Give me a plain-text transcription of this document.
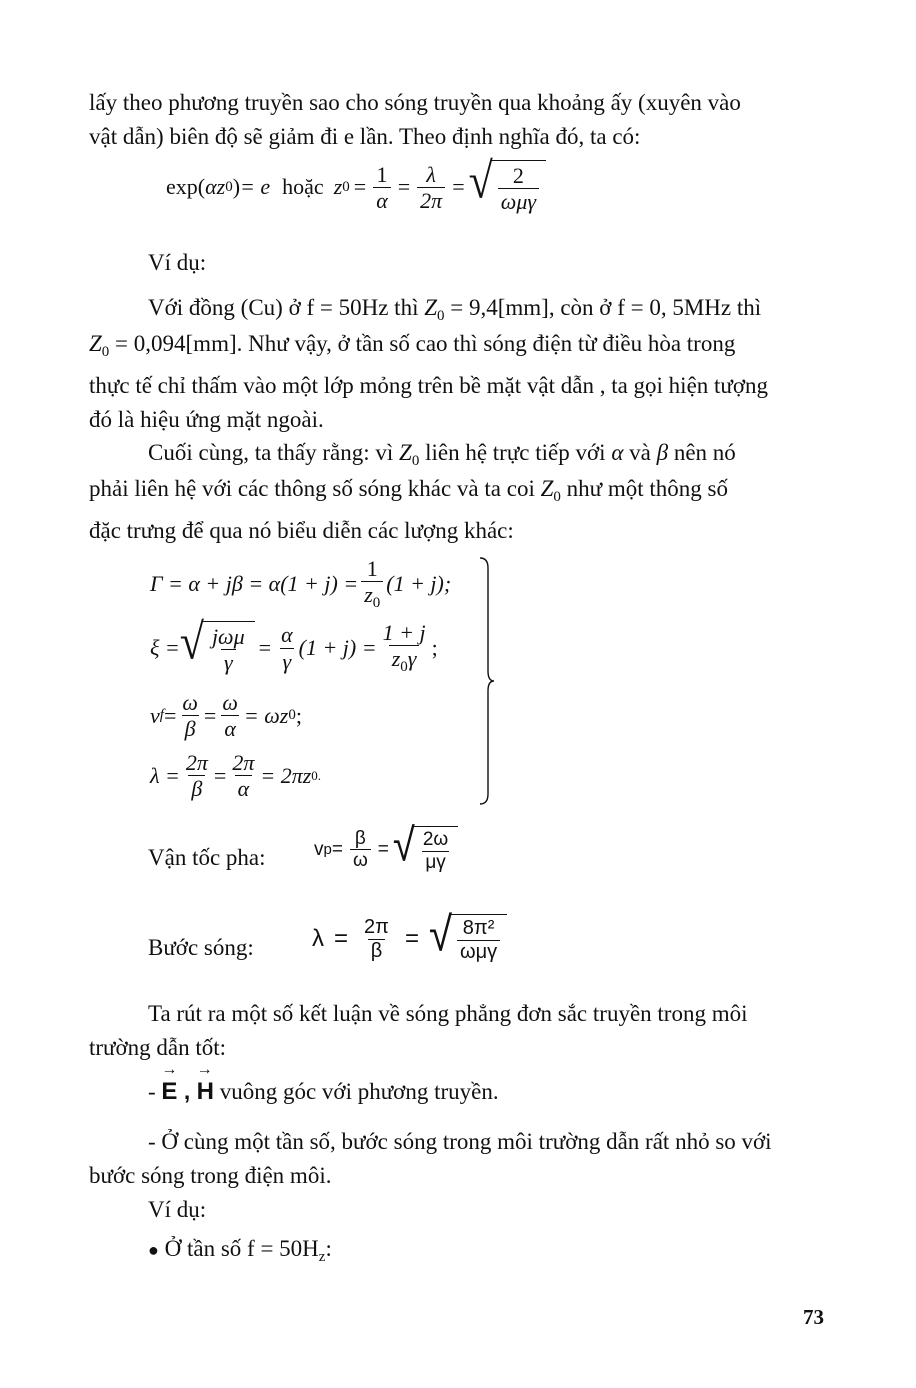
lấy theo phương truyền sao cho sóng truyền qua khoảng ấy (xuyên vào
vật dẫn) biên độ sẽ giảm đi e lần. Theo định nghĩa đó, ta có:
exp( α z 0 ) = e hoặc z $0 = \frac{1}{\alpha} = \frac{\lambda}{2\pi}$ = √ $\frac{2}{\text{ωμγ}}$
Ví dụ:
Với đồng (Cu) ở f = 50Hz thì $Z_0 = 9,4[mm]$, còn ở f = 0, 5MHz thì
$Z_0 = 0,094[mm]$. Như vậy, ở tần số cao thì sóng điện từ điều hòa trong
thực tế chỉ thấm vào một lớp mỏng trên bề mặt vật dẫn , ta gọi hiện tượng
đó là hiệu ứng mặt ngoài.
Cuối cùng, ta thấy rằng: vì $Z_0$ liên hệ trực tiếp với α và β nên nó
phải liên hệ với các thông số sóng khác và ta coi $Z_0$ như một thông số
đặc trưng để qua nó biểu diễn các lượng khác:
$\Gamma = \alpha + j\beta = \alpha(1 + j) = \frac{1}{z_0} (1 + j)$;
ξ = √ $\frac{\text{jωμ}}{\gamma} = \frac{\alpha}{\gamma} (1 + j) = \frac{1 + j}{z_0\gamma}$ ;
v $f = \frac{\omega}{\beta} = \frac{\omega}{\alpha} = \omega z$ 0 ;
$\lambda = \frac{2\pi}{\beta} = \frac{2\pi}{\alpha} = 2\pi z$ 0.
Vận tốc pha:	v $p = \frac{\beta}{\omega}$ = √ $\frac{2\omega}{\mu\gamma}$
Bước sóng: $\lambda = \frac{2\pi}{\beta}$ = √ $\frac{\text{8π²}}{\text{ωμγ}}$
Ta rút ra một số kết luận về sóng phẳng đơn sắc truyền trong môi
trường dẫn tốt:
- → E , → H vuông góc với phương truyền.
- Ở cùng một tần số, bước sóng trong môi trường dẫn rất nhỏ so với
bước sóng trong điện môi.
Ví dụ:
● Ở tần số $f = 50H_z$:
73
